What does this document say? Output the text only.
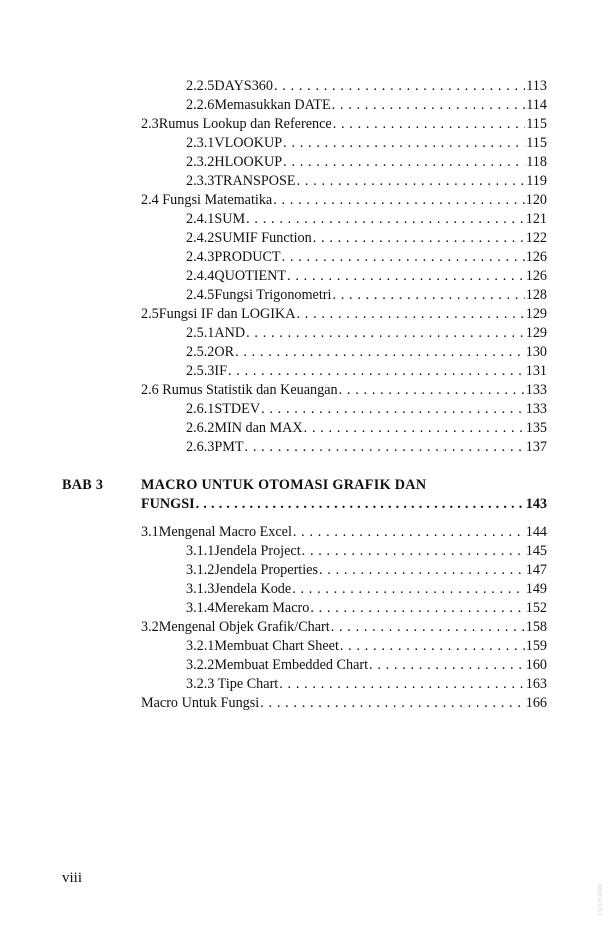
2.2.5 DAYS360 . . .	113
2.2.6 Memasukkan DATE . . .	114
2.3 Rumus Lookup dan Reference . . .	115
2.3.1 VLOOKUP . . .	115
2.3.2 HLOOKUP . . .	118
2.3.3 TRANSPOSE . . .	119
2.4 Fungsi Matematika . . .	120
2.4.1 SUM . . .	121
2.4.2 SUMIF Function . . .	122
2.4.3 PRODUCT . . .	126
2.4.4 QUOTIENT . . .	126
2.4.5 Fungsi Trigonometri . . .	128
2.5 Fungsi IF dan LOGIKA . . .	129
2.5.1 AND . . .	129
2.5.2 OR . . .	130
2.5.3 IF . . .	131
2.6 Rumus Statistik dan Keuangan . . .	133
2.6.1 STDEV . . .	133
2.6.2 MIN dan MAX . . .	135
2.6.3 PMT . . .	137
BAB 3	MACRO UNTUK OTOMASI GRAFIK DAN
FUNGSI . . .	143
3.1 Mengenal Macro Excel . . .	144
3.1.1 Jendela Project . . .	145
3.1.2 Jendela Properties . . .	147
3.1.3 Jendela Kode . . .	149
3.1.4 Merekam Macro . . .	152
3.2 Mengenal Objek Grafik/Chart . . .	158
3.2.1 Membuat Chart Sheet . . .	159
3.2.2 Membuat Embedded Chart . . .	160
3.2.3 Tipe Chart . . .	163
Macro Untuk Fungsi . . .	166
viii
1321/T/2009
